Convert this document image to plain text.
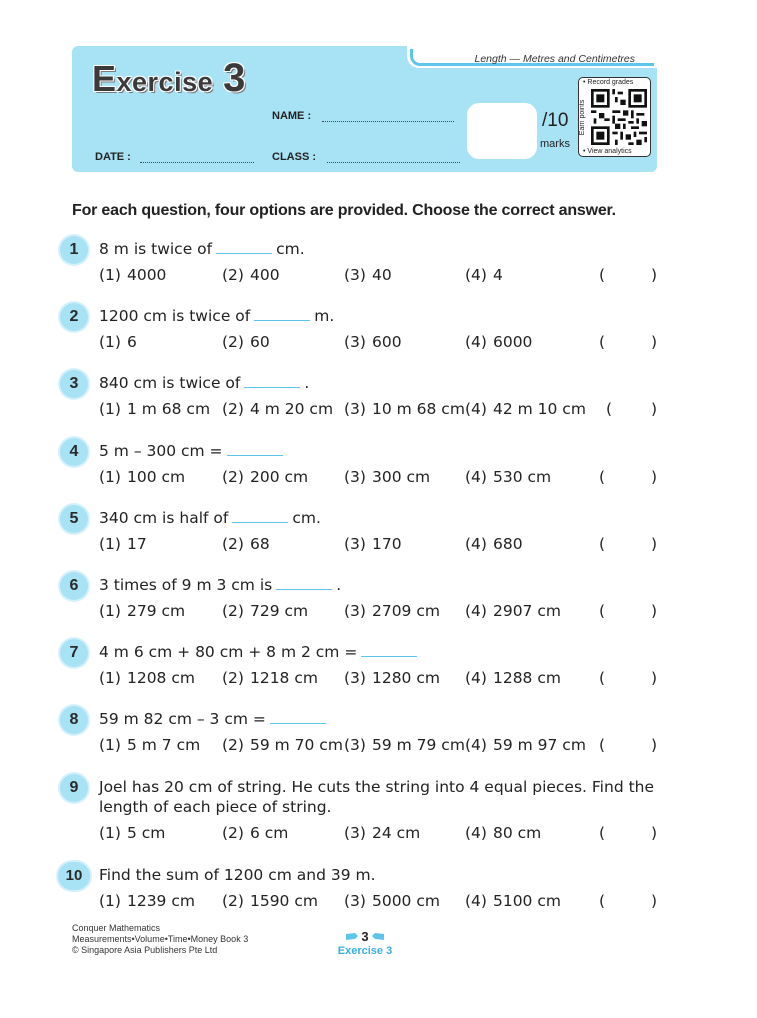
Length — Metres and Centimetres
Exercise 3
NAME :
DATE :	CLASS :
/10
marks
• Record grades
Earn points
• View analytics
For each question, four options are provided. Choose the correct answer.
1	8 m is twice of	cm.
(1) 4000	(2) 400	(3) 40	(4) 4	(	)
2	1200 cm is twice of	m.
(1) 6	(2) 60	(3) 600	(4) 6000	(	)
3	840 cm is twice of	.
(1) 1 m 68 cm (2) 4 m 20 cm (3) 10 m 68 cm (4) 42 m 10 cm (	)
4	5 m – 300 cm =
(1) 100 cm (2) 200 cm (3) 300 cm (4) 530 cm	(	)
5	340 cm is half of	cm.
(1) 17	(2) 68	(3) 170	(4) 680	(	)
6	3 times of 9 m 3 cm is	.
(1) 279 cm (2) 729 cm (3) 2709 cm (4) 2907 cm (	)
7	4 m 6 cm + 80 cm + 8 m 2 cm =
(1) 1208 cm (2) 1218 cm (3) 1280 cm (4) 1288 cm (	)
8	59 m 82 cm – 3 cm =
(1) 5 m 7 cm (2) 59 m 70 cm (3) 59 m 79 cm (4) 59 m 97 cm (	)
9	Joel has 20 cm of string. He cuts the string into 4 equal pieces. Find the
length of each piece of string.
(1) 5 cm	(2) 6 cm	(3) 24 cm	(4) 80 cm	(	)
10	Find the sum of 1200 cm and 39 m.
(1) 1239 cm (2) 1590 cm (3) 5000 cm (4) 5100 cm (	)
Conquer Mathematics
Measurements•Volume•Time•Money Book 3
© Singapore Asia Publishers Pte Ltd
3
Exercise 3
